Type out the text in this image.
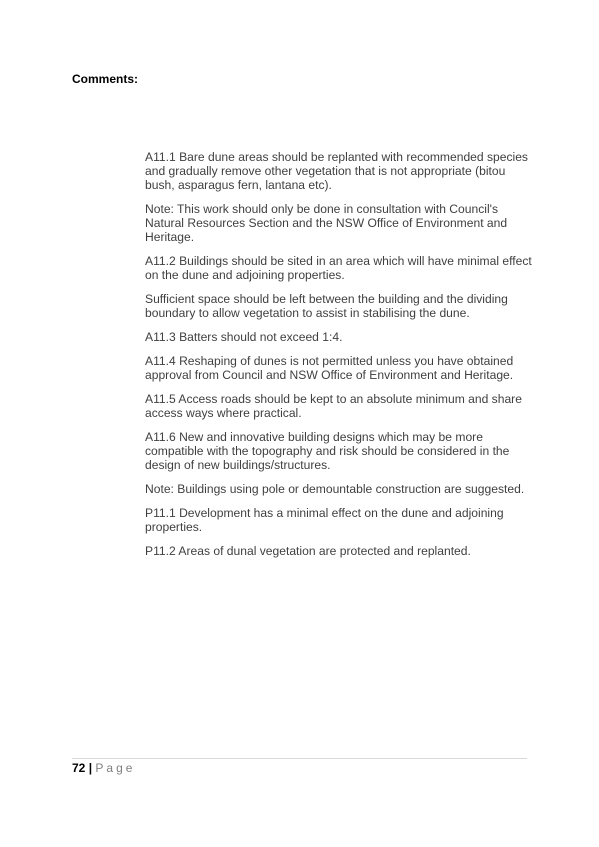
Comments:

A11.1 Bare dune areas should be replanted with recommended species and gradually remove other vegetation that is not appropriate (bitou bush, asparagus fern, lantana etc).

Note: This work should only be done in consultation with Council's Natural Resources Section and the NSW Office of Environment and Heritage.

A11.2 Buildings should be sited in an area which will have minimal effect on the dune and adjoining properties.

Sufficient space should be left between the building and the dividing boundary to allow vegetation to assist in stabilising the dune.

A11.3 Batters should not exceed 1:4.

A11.4 Reshaping of dunes is not permitted unless you have obtained approval from Council and NSW Office of Environment and Heritage.

A11.5 Access roads should be kept to an absolute minimum and share access ways where practical.

A11.6 New and innovative building designs which may be more compatible with the topography and risk should be considered in the design of new buildings/structures.

Note: Buildings using pole or demountable construction are suggested.

P11.1 Development has a minimal effect on the dune and adjoining properties.

P11.2 Areas of dunal vegetation are protected and replanted.

72 | Page
